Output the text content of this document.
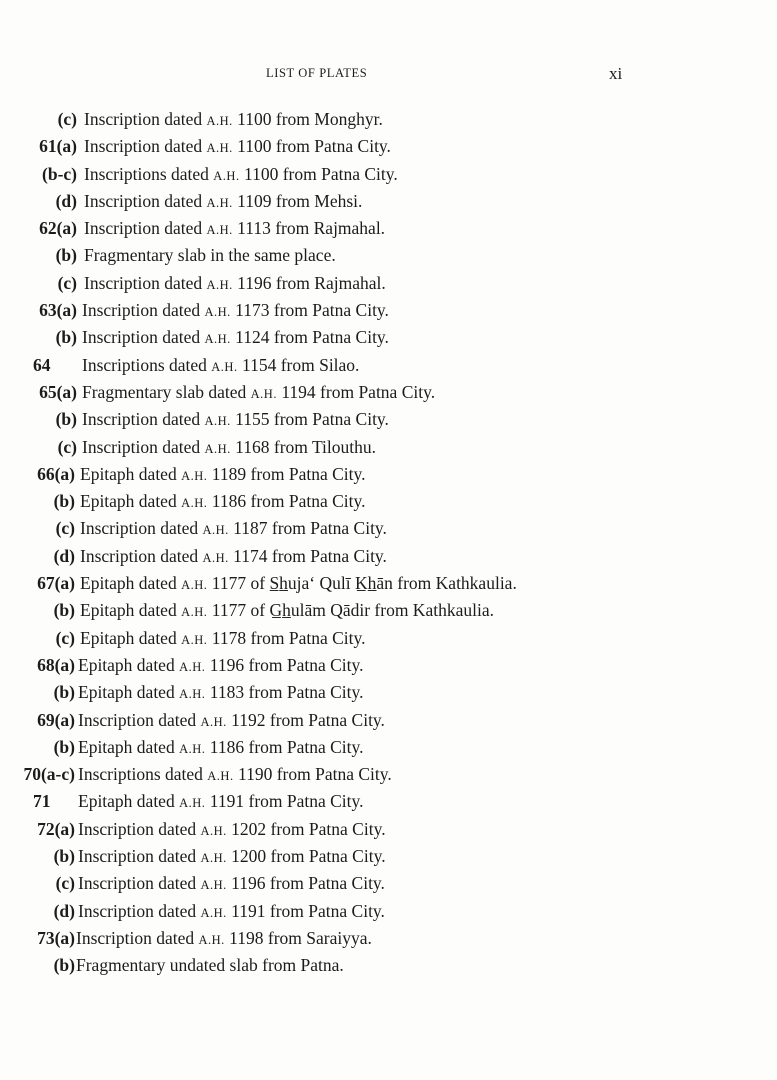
LIST OF PLATES	xi
(c) Inscription dated A.H. 1100 from Monghyr.
61(a) Inscription dated A.H. 1100 from Patna City.
(b-c) Inscriptions dated A.H. 1100 from Patna City.
(d) Inscription dated A.H. 1109 from Mehsi.
62(a) Inscription dated A.H. 1113 from Rajmahal.
(b) Fragmentary slab in the same place.
(c) Inscription dated A.H. 1196 from Rajmahal.
63(a) Inscription dated A.H. 1173 from Patna City.
(b) Inscription dated A.H. 1124 from Patna City.
64 Inscriptions dated A.H. 1154 from Silao.
65(a) Fragmentary slab dated A.H. 1194 from Patna City.
(b) Inscription dated A.H. 1155 from Patna City.
(c) Inscription dated A.H. 1168 from Tilouthu.
66(a) Epitaph dated A.H. 1189 from Patna City.
(b) Epitaph dated A.H. 1186 from Patna City.
(c) Inscription dated A.H. 1187 from Patna City.
(d) Inscription dated A.H. 1174 from Patna City.
67(a) Epitaph dated A.H. 1177 of S̲h̲uja‘ Qulī K̲h̲ān from Kathkaulia.
(b) Epitaph dated A.H. 1177 of G̲h̲ulām Qādir from Kathkaulia.
(c) Epitaph dated A.H. 1178 from Patna City.
68(a) Epitaph dated A.H. 1196 from Patna City.
(b) Epitaph dated A.H. 1183 from Patna City.
69(a) Inscription dated A.H. 1192 from Patna City.
(b) Epitaph dated A.H. 1186 from Patna City.
70(a-c) Inscriptions dated A.H. 1190 from Patna City.
71 Epitaph dated A.H. 1191 from Patna City.
72(a) Inscription dated A.H. 1202 from Patna City.
(b) Inscription dated A.H. 1200 from Patna City.
(c) Inscription dated A.H. 1196 from Patna City.
(d) Inscription dated A.H. 1191 from Patna City.
73(a) Inscription dated A.H. 1198 from Saraiyya.
(b) Fragmentary undated slab from Patna.
